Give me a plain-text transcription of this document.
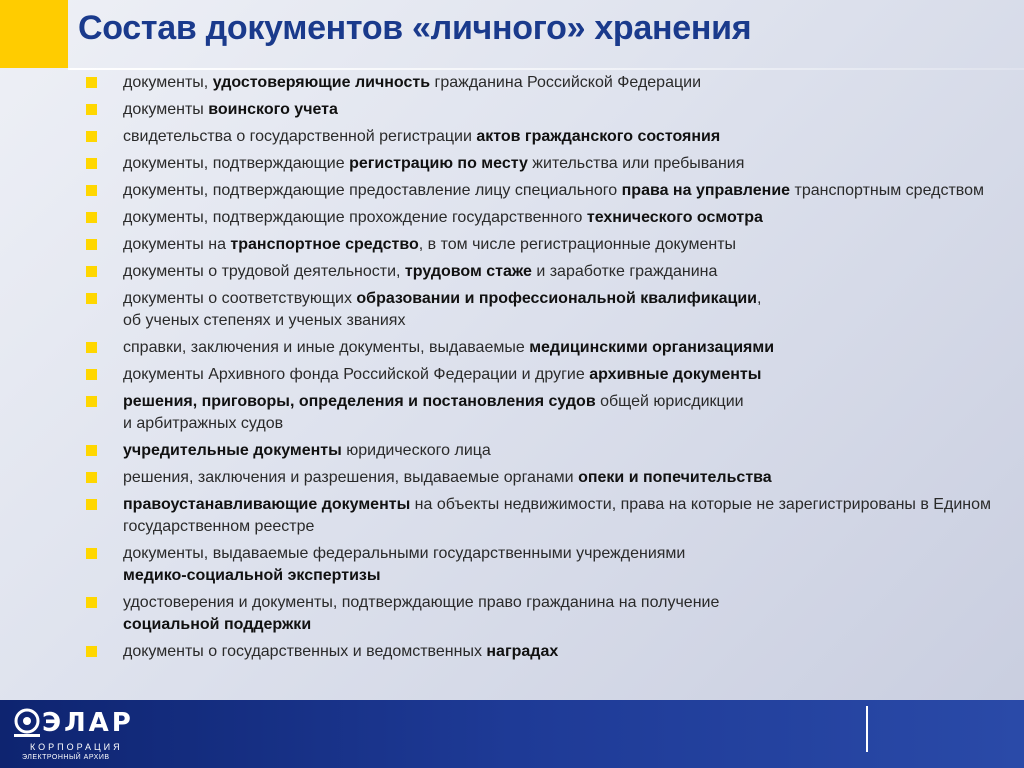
Состав документов «личного» хранения
документы, удостоверяющие личность гражданина Российской Федерации
документы воинского учета
свидетельства о государственной регистрации актов гражданского состояния
документы, подтверждающие регистрацию по месту жительства или пребывания
документы, подтверждающие предоставление лицу специального права на управление транспортным средством
документы, подтверждающие прохождение государственного технического осмотра
документы на транспортное средство, в том числе регистрационные документы
документы о трудовой деятельности, трудовом стаже и заработке гражданина
документы о соответствующих образовании и профессиональной квалификации,
об ученых степенях и ученых званиях
справки, заключения и иные документы, выдаваемые медицинскими организациями
документы Архивного фонда Российской Федерации и другие архивные документы
решения, приговоры, определения и постановления судов общей юрисдикции
и арбитражных судов
учредительные документы юридического лица
решения, заключения и разрешения, выдаваемые органами опеки и попечительства
правоустанавливающие документы на объекты недвижимости, права на которые не зарегистрированы в Едином государственном реестре
документы, выдаваемые федеральными государственными учреждениями
медико-социальной экспертизы
удостоверения и документы, подтверждающие право гражданина на получение
социальной поддержки
документы о государственных и ведомственных наградах
ЭЛАР
КОРПОРАЦИЯ
ЭЛЕКТРОННЫЙ АРХИВ
